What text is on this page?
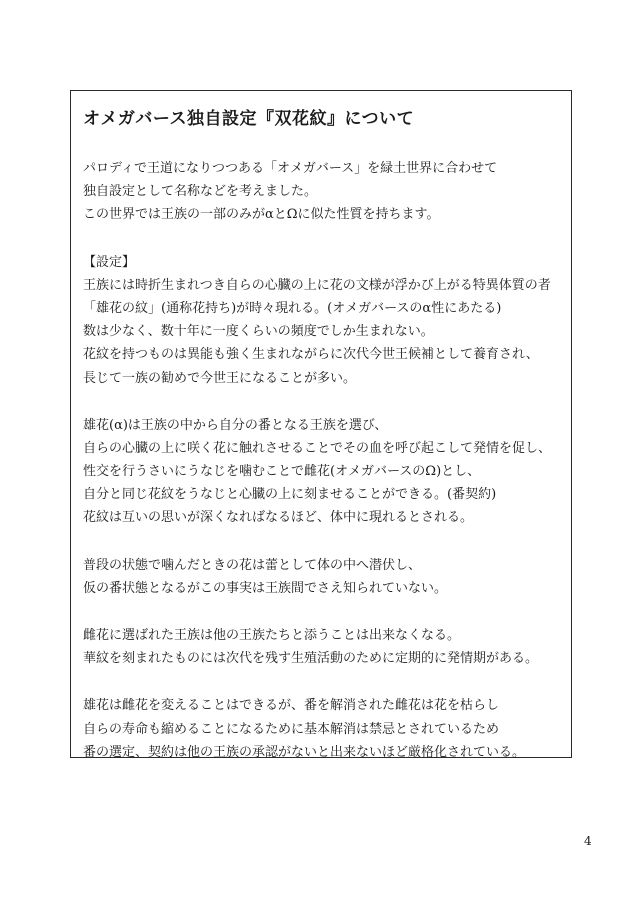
オメガバース独自設定『双花紋』について

パロディで王道になりつつある「オメガバース」を緑土世界に合わせて
独自設定として名称などを考えました。
この世界では王族の一部のみがαとΩに似た性質を持ちます。

【設定】
王族には時折生まれつき自らの心臓の上に花の文様が浮かび上がる特異体質の者
「雄花の紋」(通称花持ち)が時々現れる。(オメガバースのα性にあたる)
数は少なく、数十年に一度くらいの頻度でしか生まれない。
花紋を持つものは異能も強く生まれながらに次代今世王候補として養育され、
長じて一族の勧めで今世王になることが多い。

雄花(α)は王族の中から自分の番となる王族を選び、
自らの心臓の上に咲く花に触れさせることでその血を呼び起こして発情を促し、
性交を行うさいにうなじを噛むことで雌花(オメガバースのΩ)とし、
自分と同じ花紋をうなじと心臓の上に刻ませることができる。(番契約)
花紋は互いの思いが深くなればなるほど、体中に現れるとされる。

普段の状態で噛んだときの花は蕾として体の中へ潜伏し、
仮の番状態となるがこの事実は王族間でさえ知られていない。

雌花に選ばれた王族は他の王族たちと添うことは出来なくなる。
華紋を刻まれたものには次代を残す生殖活動のために定期的に発情期がある。

雄花は雌花を変えることはできるが、番を解消された雌花は花を枯らし
自らの寿命も縮めることになるために基本解消は禁忌とされているため
番の選定、契約は他の王族の承認がないと出来ないほど厳格化されている。

4
